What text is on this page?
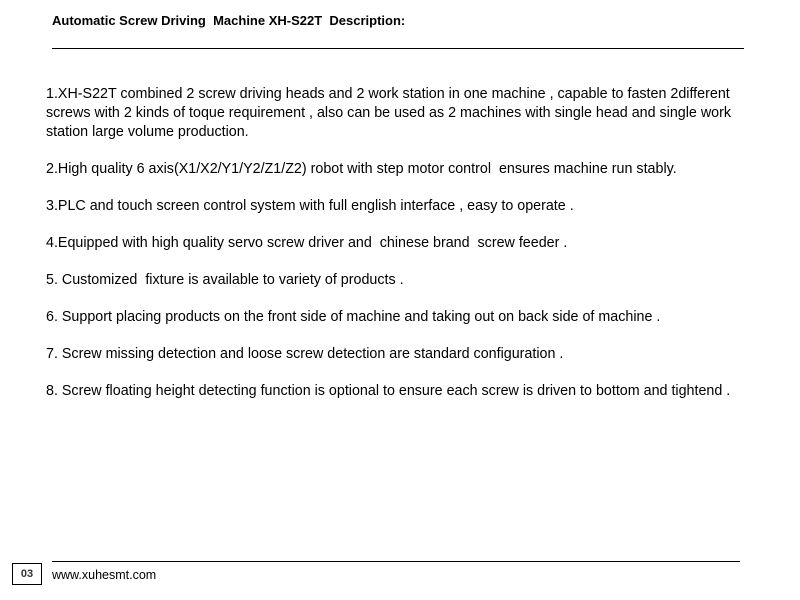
Automatic Screw Driving  Machine XH-S22T  Description:

1.XH-S22T combined 2 screw driving heads and 2 work station in one machine , capable to fasten 2different screws with 2 kinds of toque requirement , also can be used as 2 machines with single head and single work station large volume production.

2.High quality 6 axis(X1/X2/Y1/Y2/Z1/Z2) robot with step motor control  ensures machine run stably.

3.PLC and touch screen control system with full english interface , easy to operate .

4.Equipped with high quality servo screw driver and  chinese brand  screw feeder .

5. Customized  fixture is available to variety of products .

6. Support placing products on the front side of machine and taking out on back side of machine .

7. Screw missing detection and loose screw detection are standard configuration .

8. Screw floating height detecting function is optional to ensure each screw is driven to bottom and tightend .

03	www.xuhesmt.com
